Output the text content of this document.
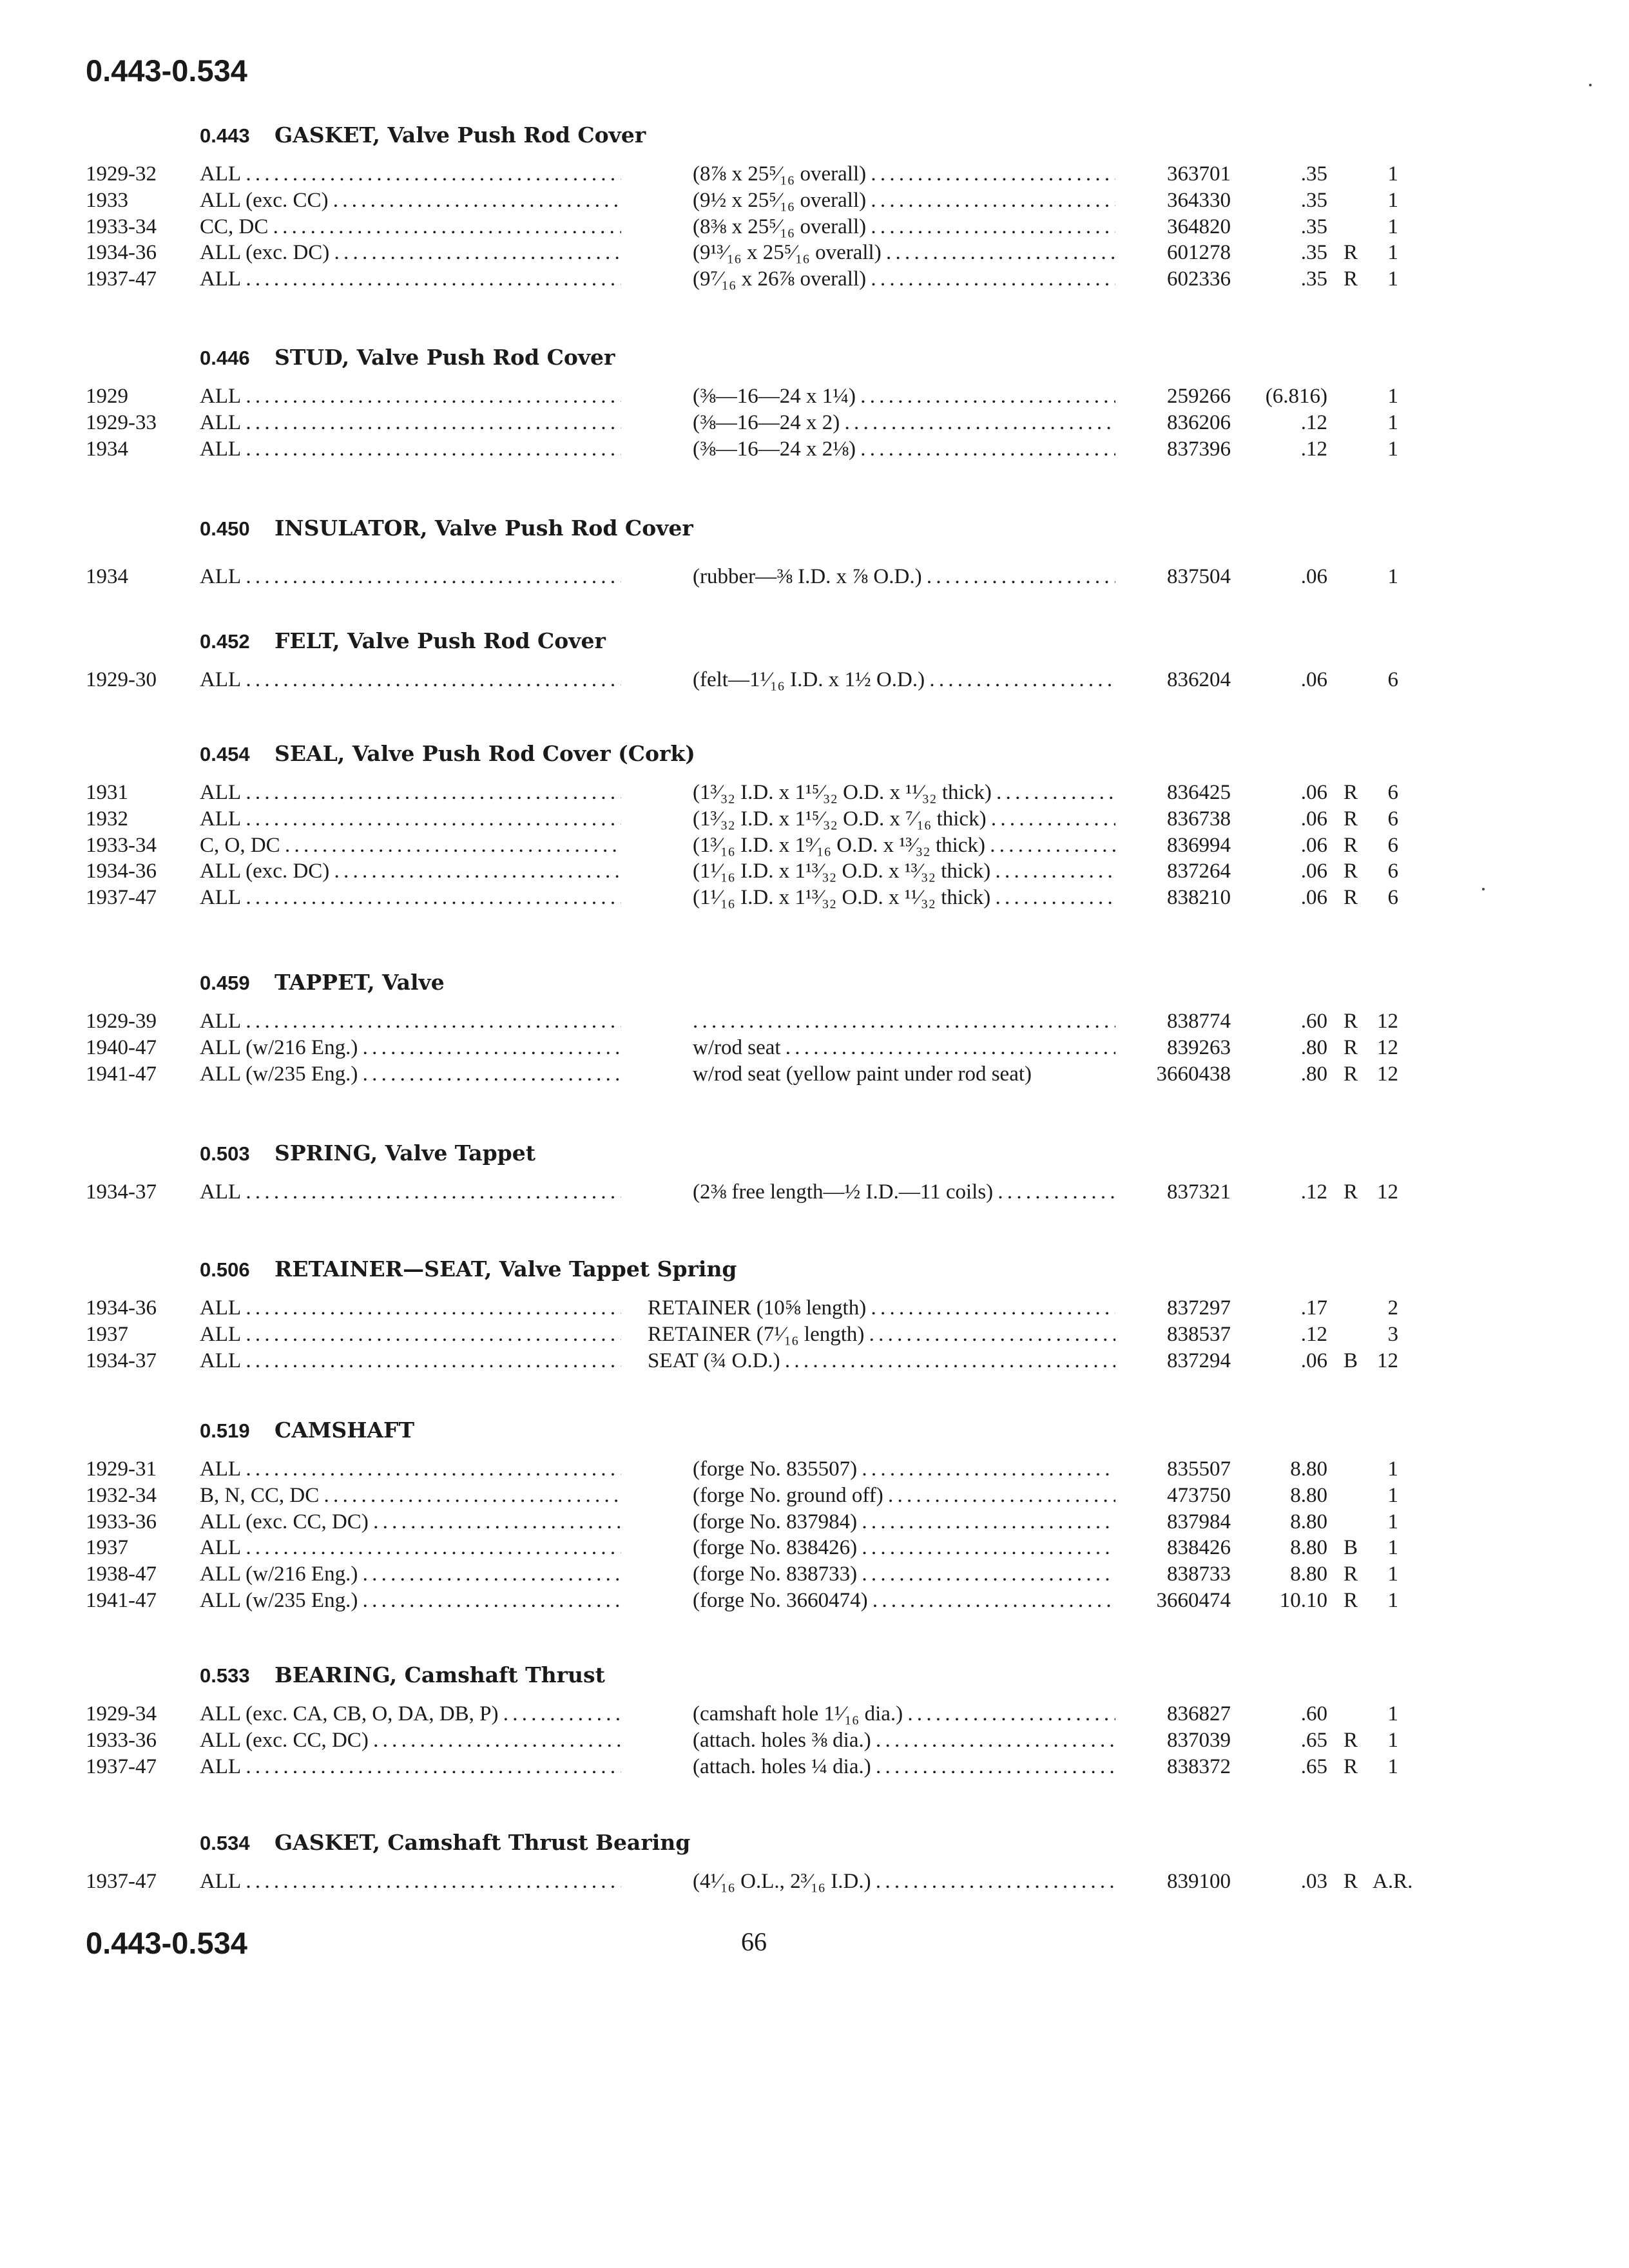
0.443-0.534
0.443 GASKET, Valve Push Rod Cover
1929-32	ALL . . .	(8⅞ x 25⁵⁄₁₆ overall) . . .	363701	.35	1
1933	ALL (exc. CC) . . .	(9½ x 25⁵⁄₁₆ overall) . . .	364330	.35	1
1933-34	CC, DC . . .	(8⅜ x 25⁵⁄₁₆ overall) . . .	364820	.35	1
1934-36	ALL (exc. DC) . . .	(9¹³⁄₁₆ x 25⁵⁄₁₆ overall) . . .	601278	.35 R	1
1937-47	ALL . . .	(9⁷⁄₁₆ x 26⅞ overall) . . .	602336	.35 R	1
0.446 STUD, Valve Push Rod Cover
1929	ALL . . .	(⅜—16—24 x 1¼) . . .	259266	(6.816)	1
1929-33	ALL . . .	(⅜—16—24 x 2) . . .	836206	.12	1
1934	ALL . . .	(⅜—16—24 x 2⅛) . . .	837396	.12	1
0.450 INSULATOR, Valve Push Rod Cover
1934	ALL . . .	(rubber—⅜ I.D. x ⅞ O.D.) . . .	837504	.06	1
0.452 FELT, Valve Push Rod Cover
1929-30	ALL . . .	(felt—1¹⁄₁₆ I.D. x 1½ O.D.) . . .	836204	.06	6
0.454 SEAL, Valve Push Rod Cover (Cork)
1931	ALL . . .	(1³⁄₃₂ I.D. x 1¹⁵⁄₃₂ O.D. x ¹¹⁄₃₂ thick) . . .	836425	.06 R	6
1932	ALL . . .	(1³⁄₃₂ I.D. x 1¹⁵⁄₃₂ O.D. x ⁷⁄₁₆ thick) . . .	836738	.06 R	6
1933-34	C, O, DC . . .	(1³⁄₁₆ I.D. x 1⁹⁄₁₆ O.D. x ¹³⁄₃₂ thick) . . .	836994	.06 R	6
1934-36	ALL (exc. DC) . . .	(1¹⁄₁₆ I.D. x 1¹³⁄₃₂ O.D. x ¹³⁄₃₂ thick) . . .	837264	.06 R	6
1937-47	ALL . . .	(1¹⁄₁₆ I.D. x 1¹³⁄₃₂ O.D. x ¹¹⁄₃₂ thick) . . .	838210	.06 R	6
0.459 TAPPET, Valve
1929-39	ALL . . .
. . .	838774	.60 R 12
1940-47	ALL (w/216 Eng.) . . .	w/rod seat . . .	839263	.80 R 12
1941-47	ALL (w/235 Eng.) . . .	w/rod seat (yellow paint under rod seat)	3660438	.80 R 12
0.503 SPRING, Valve Tappet
1934-37	ALL . . .	(2⅜ free length—½ I.D.—11 coils) . . .	837321	.12 R 12
0.506 RETAINER—SEAT, Valve Tappet Spring
1934-36	ALL . . .	RETAINER (10⅝ length) . . .	837297	.17	2
1937	ALL . . .	RETAINER (7¹⁄₁₆ length) . . .	838537	.12	3
1934-37	ALL . . .	SEAT (¾ O.D.) . . .	837294	.06 B 12
0.519 CAMSHAFT
1929-31	ALL . . .	(forge No. 835507) . . .	835507	8.80	1
1932-34	B, N, CC, DC . . .	(forge No. ground off) . . .	473750	8.80	1
1933-36	ALL (exc. CC, DC) . . .	(forge No. 837984) . . .	837984	8.80	1
1937	ALL . . .	(forge No. 838426) . . .	838426	8.80 B	1
1938-47	ALL (w/216 Eng.) . . .	(forge No. 838733) . . .	838733	8.80 R	1
1941-47	ALL (w/235 Eng.) . . .	(forge No. 3660474) . . .	3660474	10.10 R	1
0.533 BEARING, Camshaft Thrust
1929-34	ALL (exc. CA, CB, O, DA, DB, P) . . .	(camshaft hole 1¹⁄₁₆ dia.) . . .	836827	.60	1
1933-36	ALL (exc. CC, DC) . . .	(attach. holes ⅜ dia.) . . .	837039	.65 R	1
1937-47	ALL . . .	(attach. holes ¼ dia.) . . .	838372	.65 R	1
0.534 GASKET, Camshaft Thrust Bearing
1937-47	ALL . . .	(4¹⁄₁₆ O.L., 2³⁄₁₆ I.D.) . . .	839100	.03 R A.R.
0.443-0.534	66
